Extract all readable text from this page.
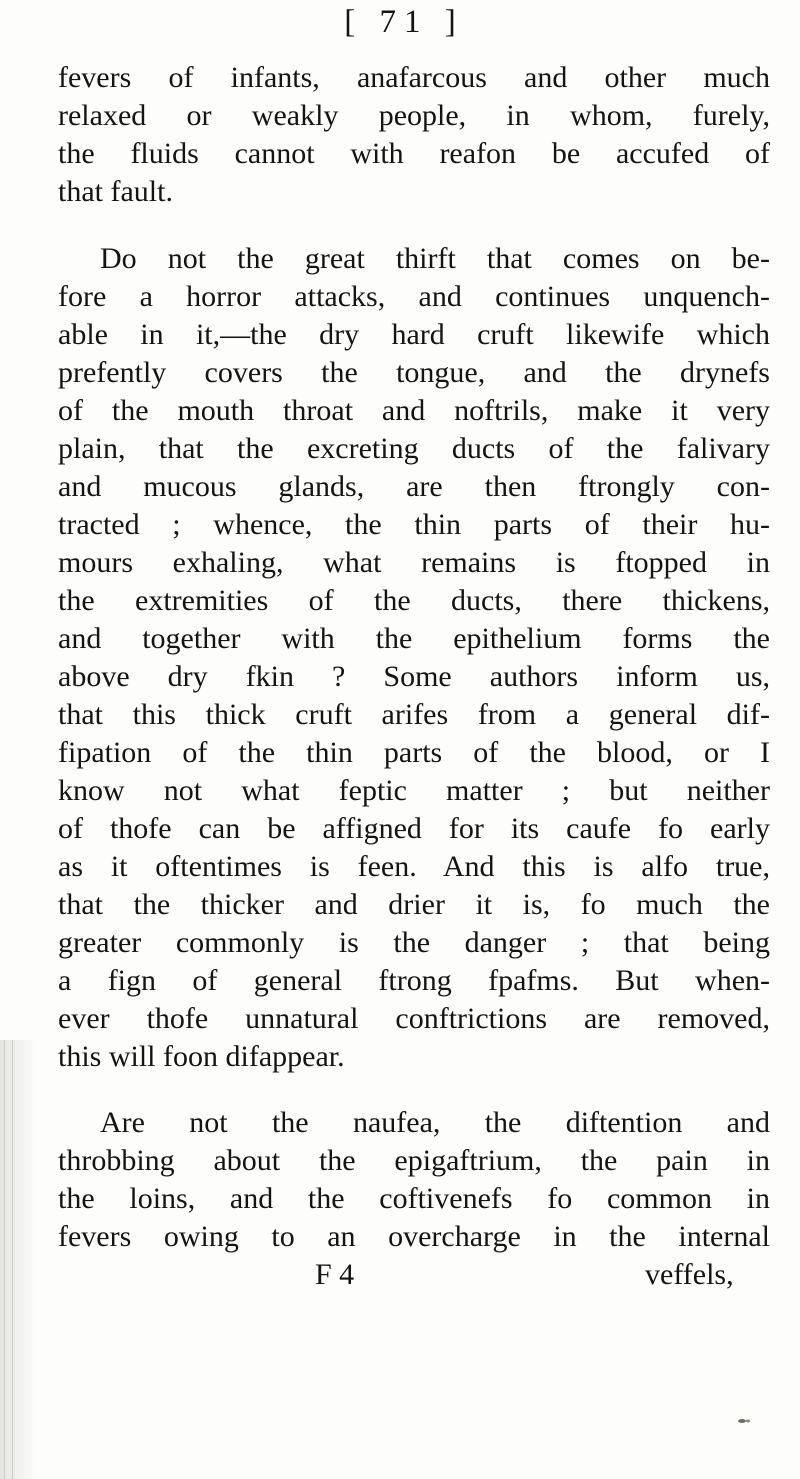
[ 71 ]
fevers of infants, anafarcous and other much
relaxed or weakly people, in whom, furely,
the fluids cannot with reafon be accufed of
that fault.
Do not the great thirft that comes on be-
fore a horror attacks, and continues unquench-
able in it,—the dry hard cruft likewife which
prefently covers the tongue, and the drynefs
of the mouth throat and noftrils, make it very
plain, that the excreting ducts of the falivary
and mucous glands, are then ftrongly con-
tracted ; whence, the thin parts of their hu-
mours exhaling, what remains is ftopped in
the extremities of the ducts, there thickens,
and together with the epithelium forms the
above dry fkin ? Some authors inform us,
that this thick cruft arifes from a general dif-
fipation of the thin parts of the blood, or I
know not what feptic matter ; but neither
of thofe can be affigned for its caufe fo early
as it oftentimes is feen. And this is alfo true,
that the thicker and drier it is, fo much the
greater commonly is the danger ; that being
a fign of general ftrong fpafms. But when-
ever thofe unnatural conftrictions are removed,
this will foon difappear.
Are not the naufea, the diftention and
throbbing about the epigaftrium, the pain in
the loins, and the coftivenefs fo common in
fevers owing to an overcharge in the internal
F 4	veffels,
